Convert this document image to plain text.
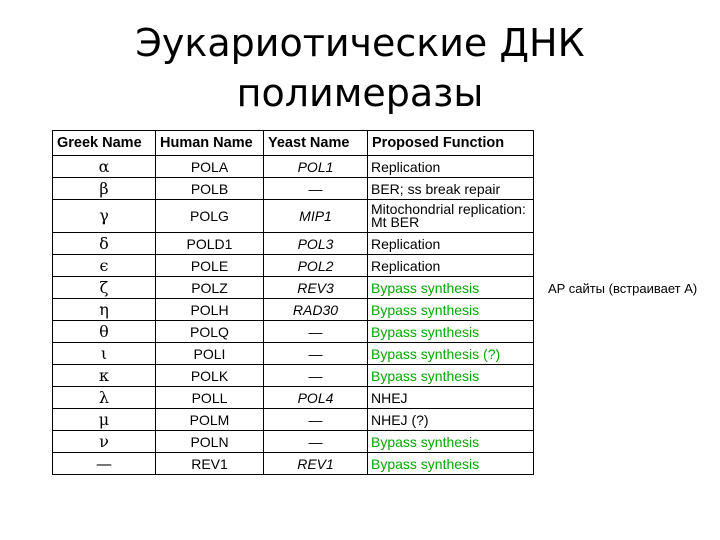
Эукариотические ДНК
полимеразы
Greek Name	Human Name	Yeast Name	Proposed Function
α	POLA	POL1	Replication
β	POLB	—	BER; ss break repair
γ	POLG	MIP1	Mitochondrial replication: Mt BER
δ	POLD1	POL3	Replication
ϵ	POLE	POL2	Replication
ζ	POLZ	REV3	Bypass synthesis
η	POLH	RAD30	Bypass synthesis
θ	POLQ	—	Bypass synthesis
ι	POLI	—	Bypass synthesis (?)
κ	POLK	—	Bypass synthesis
λ	POLL	POL4	NHEJ
μ	POLM	—	NHEJ (?)
ν	POLN	—	Bypass synthesis
—	REV1	REV1	Bypass synthesis
AP сайты (встраивает A)
